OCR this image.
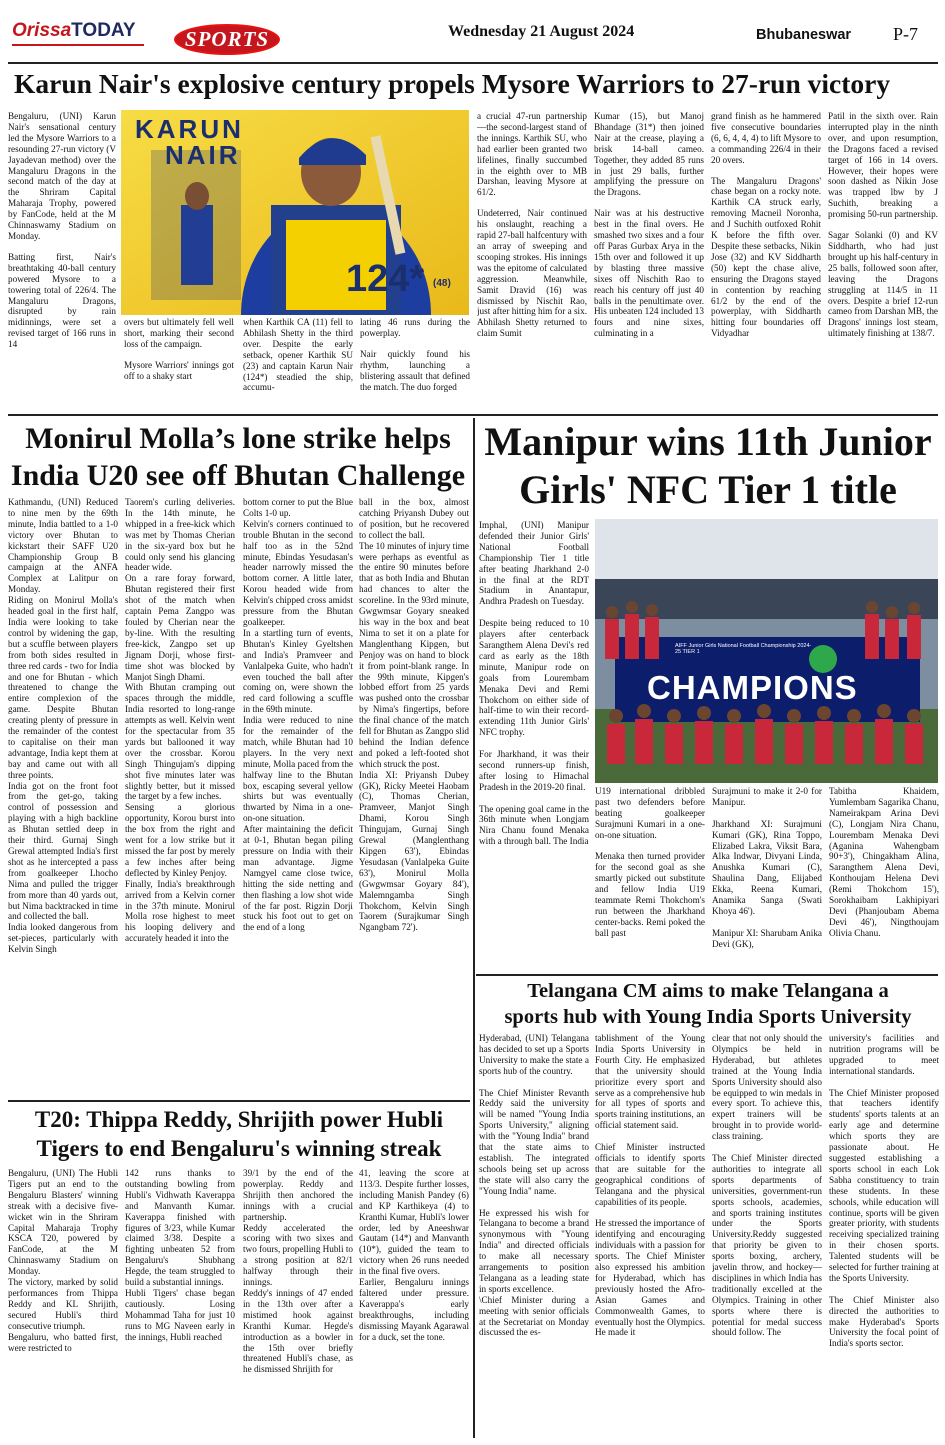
OrissaTODAY	SPORTS	Wednesday 21 August 2024	Bhubaneswar P-7
Karun Nair's explosive century propels Mysore Warriors to 27-run victory

Bengaluru, (UNI) Karun Nair's sensational century led the Mysore Warriors to a resounding 27-run victory (V Jayadevan method) over the Mangaluru Dragons in the second match of the day at the Shriram Capital Maharaja Trophy, powered by FanCode, held at the M Chinnaswamy Stadium on Monday.

Batting first, Nair's breathtaking 40-ball century powered Mysore to a towering total of 226/4. The Mangaluru Dragons, disrupted by rain midinnings, were set a revised target of 166 runs in 14

KARUN
NAIR
124* (48)

overs but ultimately fell well short, marking their second loss of the campaign.

Mysore Warriors' innings got off to a shaky start

when Karthik CA (11) fell to Abhilash Shetty in the third over. Despite the early setback, opener Karthik SU (23) and captain Karun Nair (124*) steadied the ship, accumu-

lating 46 runs during the powerplay.

Nair quickly found his rhythm, launching a blistering assault that defined the match. The duo forged

a crucial 47-run partnership—the second-largest stand of the innings. Karthik SU, who had earlier been granted two lifelines, finally succumbed in the eighth over to MB Darshan, leaving Mysore at 61/2.

Undeterred, Nair continued his onslaught, reaching a rapid 27-ball halfcentury with an array of sweeping and scooping strokes. His innings was the epitome of calculated aggression. Meanwhile, Samit Dravid (16) was dismissed by Nischit Rao, just after hitting him for a six. Abhilash Shetty returned to claim Sumit

Kumar (15), but Manoj Bhandage (31*) then joined Nair at the crease, playing a brisk 14-ball cameo. Together, they added 85 runs in just 29 balls, further amplifying the pressure on the Dragons.

Nair was at his destructive best in the final overs. He smashed two sixes and a four off Paras Gurbax Arya in the 15th over and followed it up by blasting three massive sixes off Nischith Rao to reach his century off just 40 balls in the penultimate over. His unbeaten 124 included 13 fours and nine sixes, culminating in a

grand finish as he hammered five consecutive boundaries (6, 6, 4, 4, 4) to lift Mysore to a commanding 226/4 in their 20 overs.

The Mangaluru Dragons' chase began on a rocky note. Karthik CA struck early, removing Macneil Noronha, and J Suchith outfoxed Rohit K before the fifth over. Despite these setbacks, Nikin Jose (32) and KV Siddharth (50) kept the chase alive, ensuring the Dragons stayed in contention by reaching 61/2 by the end of the powerplay, with Siddharth hitting four boundaries off Vidyadhar

Patil in the sixth over. Rain interrupted play in the ninth over, and upon resumption, the Dragons faced a revised target of 166 in 14 overs. However, their hopes were soon dashed as Nikin Jose was trapped lbw by J Suchith, breaking a promising 50-run partnership.

Sagar Solanki (0) and KV Siddharth, who had just brought up his half-century in 25 balls, followed soon after, leaving the Dragons struggling at 114/5 in 11 overs. Despite a brief 12-run cameo from Darshan MB, the Dragons' innings lost steam, ultimately finishing at 138/7.

Monirul Molla’s lone strike helps
India U20 see off Bhutan Challenge

Kathmandu, (UNI) Reduced to nine men by the 69th minute, India battled to a 1-0 victory over Bhutan to kickstart their SAFF U20 Championship Group B campaign at the ANFA Complex at Lalitpur on Monday.
Riding on Monirul Molla's headed goal in the first half, India were looking to take control by widening the gap, but a scuffle between players from both sides resulted in three red cards - two for India and one for Bhutan - which threatened to change the entire complexion of the game. Despite Bhutan creating plenty of pressure in the remainder of the contest to capitalise on their man advantage, India kept them at bay and came out with all three points.
India got on the front foot from the get-go, taking control of possession and playing with a high backline as Bhutan settled deep in their third. Gurnaj Singh Grewal attempted India's first shot as he intercepted a pass from goalkeeper Lhocho Nima and pulled the trigger from more than 40 yards out, but Nima backtracked in time and collected the ball.
India looked dangerous from set-pieces, particularly with Kelvin Singh

Taorem's curling deliveries. In the 14th minute, he whipped in a free-kick which was met by Thomas Cherian in the six-yard box but he could only send his glancing header wide.
On a rare foray forward, Bhutan registered their first shot of the match when captain Pema Zangpo was fouled by Cherian near the by-line. With the resulting free-kick, Zangpo set up Jignam Dorji, whose first-time shot was blocked by Manjot Singh Dhami.
With Bhutan cramping out spaces through the middle, India resorted to long-range attempts as well. Kelvin went for the spectacular from 35 yards but ballooned it way over the crossbar. Korou Singh Thingujam's dipping shot five minutes later was slightly better, but it missed the target by a few inches.
Sensing a glorious opportunity, Korou burst into the box from the right and went for a low strike but it missed the far post by merely a few inches after being deflected by Kinley Penjoy.
Finally, India's breakthrough arrived from a Kelvin corner in the 37th minute. Monirul Molla rose highest to meet his looping delivery and accurately headed it into the

bottom corner to put the Blue Colts 1-0 up.
Kelvin's corners continued to trouble Bhutan in the second half too as in the 52nd minute, Ebindas Yesudasan's header narrowly missed the bottom corner. A little later, Korou headed wide from Kelvin's chipped cross amidst pressure from the Bhutan goalkeeper.
In a startling turn of events, Bhutan's Kinley Gyeltshen and India's Pramveer and Vanlalpeka Guite, who hadn't even touched the ball after coming on, were shown the red card following a scuffle in the 69th minute.
India were reduced to nine for the remainder of the match, while Bhutan had 10 players. In the very next minute, Molla paced from the halfway line to the Bhutan box, escaping several yellow shirts but was eventually thwarted by Nima in a one-on-one situation.
After maintaining the deficit at 0-1, Bhutan began piling pressure on India with their man advantage. Jigme Namgyel came close twice, hitting the side netting and then flashing a low shot wide of the far post. Rigzin Dorji stuck his foot out to get on the end of a long

ball in the box, almost catching Priyansh Dubey out of position, but he recovered to collect the ball.
The 10 minutes of injury time were perhaps as eventful as the entire 90 minutes before that as both India and Bhutan had chances to alter the scoreline. In the 93rd minute, Gwgwmsar Goyary sneaked his way in the box and beat Nima to set it on a plate for Manglenthang Kipgen, but Penjoy was on hand to block it from point-blank range. In the 99th minute, Kipgen's lobbed effort from 25 yards was pushed onto the crossbar by Nima's fingertips, before the final chance of the match fell for Bhutan as Zangpo slid behind the Indian defence and poked a left-footed shot which struck the post.
India XI: Priyansh Dubey (GK), Ricky Meetei Haobam (C), Thomas Cherian, Pramveer, Manjot Singh Dhami, Korou Singh Thingujam, Gurnaj Singh Grewal (Manglenthang Kipgen 63'), Ebindas Yesudasan (Vanlalpeka Guite 63'), Monirul Molla (Gwgwmsar Goyary 84'), Malemngamba Singh Thokchom, Kelvin Singh Taorem (Surajkumar Singh Ngangbam 72').

Manipur wins 11th Junior
Girls' NFC Tier 1 title

Imphal, (UNI) Manipur defended their Junior Girls' National Football Championship Tier 1 title after beating Jharkhand 2-0 in the final at the RDT Stadium in Anantapur, Andhra Pradesh on Tuesday.

Despite being reduced to 10 players after centerback Sarangthem Alena Devi's red card as early as the 18th minute, Manipur rode on goals from Lourembam Menaka Devi and Remi Thokchom on either side of half-time to win their record-extending 11th Junior Girls' NFC trophy.

For Jharkhand, it was their second runners-up finish, after losing to Himachal Pradesh in the 2019-20 final.

The opening goal came in the 36th minute when Longjam Nira Chanu found Menaka with a through ball. The India

AIFF Junior Girls National Football Championship 2024-25 TIER 1
CHAMPIONS

U19 international dribbled past two defenders before beating goalkeeper Surajmuni Kumari in a one-on-one situation.

Menaka then turned provider for the second goal as she smartly picked out substitute and fellow India U19 teammate Remi Thokchom's run between the Jharkhand center-backs. Remi poked the ball past

Surajmuni to make it 2-0 for Manipur.

Jharkhand XI: Surajmuni Kumari (GK), Rina Toppo, Elizabed Lakra, Viksit Bara, Alka Indwar, Divyani Linda, Anushka Kumari (C), Shaulina Dang, Elijabed Ekka, Reena Kumari, Anamika Sanga (Swati Khoya 46').

Manipur XI: Sharubam Anika Devi (GK),

Tabitha Khaidem, Yumlembam Sagarika Chanu, Nameirakpam Arina Devi (C), Longjam Nira Chanu, Lourembam Menaka Devi (Aganina Wahengbam 90+3'), Chingakham Alina, Sarangthem Alena Devi, Konthoujam Helena Devi (Remi Thokchom 15'), Sorokhaibam Lakhipiyari Devi (Phanjoubam Abema Devi 46'), Ningthoujam Olivia Chanu.

Telangana CM aims to make Telangana a
sports hub with Young India Sports University

Hyderabad, (UNI) Telangana has decided to set up a Sports University to make the state a sports hub of the country.

The Chief Minister Revanth Reddy said the university will be named "Young India Sports University," aligning with the "Young India" brand that the state aims to establish. The integrated schools being set up across the state will also carry the "Young India" name.

He expressed his wish for Telangana to become a brand synonymous with "Young India" and directed officials to make all necessary arrangements to position Telangana as a leading state in sports excellence.
\Chief Minister during a meeting with senior officials at the Secretariat on Monday discussed the es-

tablishment of the Young India Sports University in Fourth City. He emphasized that the university should prioritize every sport and serve as a comprehensive hub for all types of sports and sports training institutions, an official statement said.

Chief Minister instructed officials to identify sports that are suitable for the geographical conditions of Telangana and the physical capabilities of its people.

He stressed the importance of identifying and encouraging individuals with a passion for sports. The Chief Minister also expressed his ambition for Hyderabad, which has previously hosted the Afro-Asian Games and Commonwealth Games, to eventually host the Olympics. He made it

clear that not only should the Olympics be held in Hyderabad, but athletes trained at the Young India Sports University should also be equipped to win medals in every sport. To achieve this, expert trainers will be brought in to provide world-class training.

The Chief Minister directed authorities to integrate all sports departments of universities, government-run sports schools, academies, and sports training institutes under the Sports University.Reddy suggested that priority be given to sports boxing, archery, javelin throw, and hockey—disciplines in which India has traditionally excelled at the Olympics. Training in other sports where there is potential for medal success should follow. The

university's facilities and nutrition programs will be upgraded to meet international standards.

The Chief Minister proposed that teachers identify students' sports talents at an early age and determine which sports they are passionate about. He suggested establishing a sports school in each Lok Sabha constituency to train these students. In these schools, while education will continue, sports will be given greater priority, with students receiving specialized training in their chosen sports. Talented students will be selected for further training at the Sports University.

The Chief Minister also directed the authorities to make Hyderabad's Sports University the focal point of India's sports sector.

T20: Thippa Reddy, Shrijith power Hubli
Tigers to end Bengaluru's winning streak

Bengaluru, (UNI) The Hubli Tigers put an end to the Bengaluru Blasters' winning streak with a decisive five-wicket win in the Shriram Capital Maharaja Trophy KSCA T20, powered by FanCode, at the M Chinnaswamy Stadium on Monday.
The victory, marked by solid performances from Thippa Reddy and KL Shrijith, secured Hubli's third consecutive triumph.
Bengaluru, who batted first, were restricted to

142 runs thanks to outstanding bowling from Hubli's Vidhwath Kaverappa and Manvanth Kumar. Kaverappa finished with figures of 3/23, while Kumar claimed 3/38. Despite a fighting unbeaten 52 from Bengaluru's Shubhang Hegde, the team struggled to build a substantial innings.
Hubli Tigers' chase began cautiously. Losing Mohammad Taha for just 10 runs to MG Naveen early in the innings, Hubli reached

39/1 by the end of the powerplay. Reddy and Shrijith then anchored the innings with a crucial partnership.
Reddy accelerated the scoring with two sixes and two fours, propelling Hubli to a strong position at 82/1 halfway through their innings.
Reddy's innings of 47 ended in the 13th over after a mistimed hook against Kranthi Kumar. Hegde's introduction as a bowler in the 15th over briefly threatened Hubli's chase, as he dismissed Shrijith for

41, leaving the score at 113/3. Despite further losses, including Manish Pandey (6) and KP Karthikeya (4) to Kranthi Kumar, Hubli's lower order, led by Aneeshwar Gautam (14*) and Manvanth (10*), guided the team to victory when 26 runs needed in the final five overs.
Earlier, Bengaluru innings faltered under pressure. Kaverappa's early breakthroughs, including dismissing Mayank Agarawal for a duck, set the tone.
